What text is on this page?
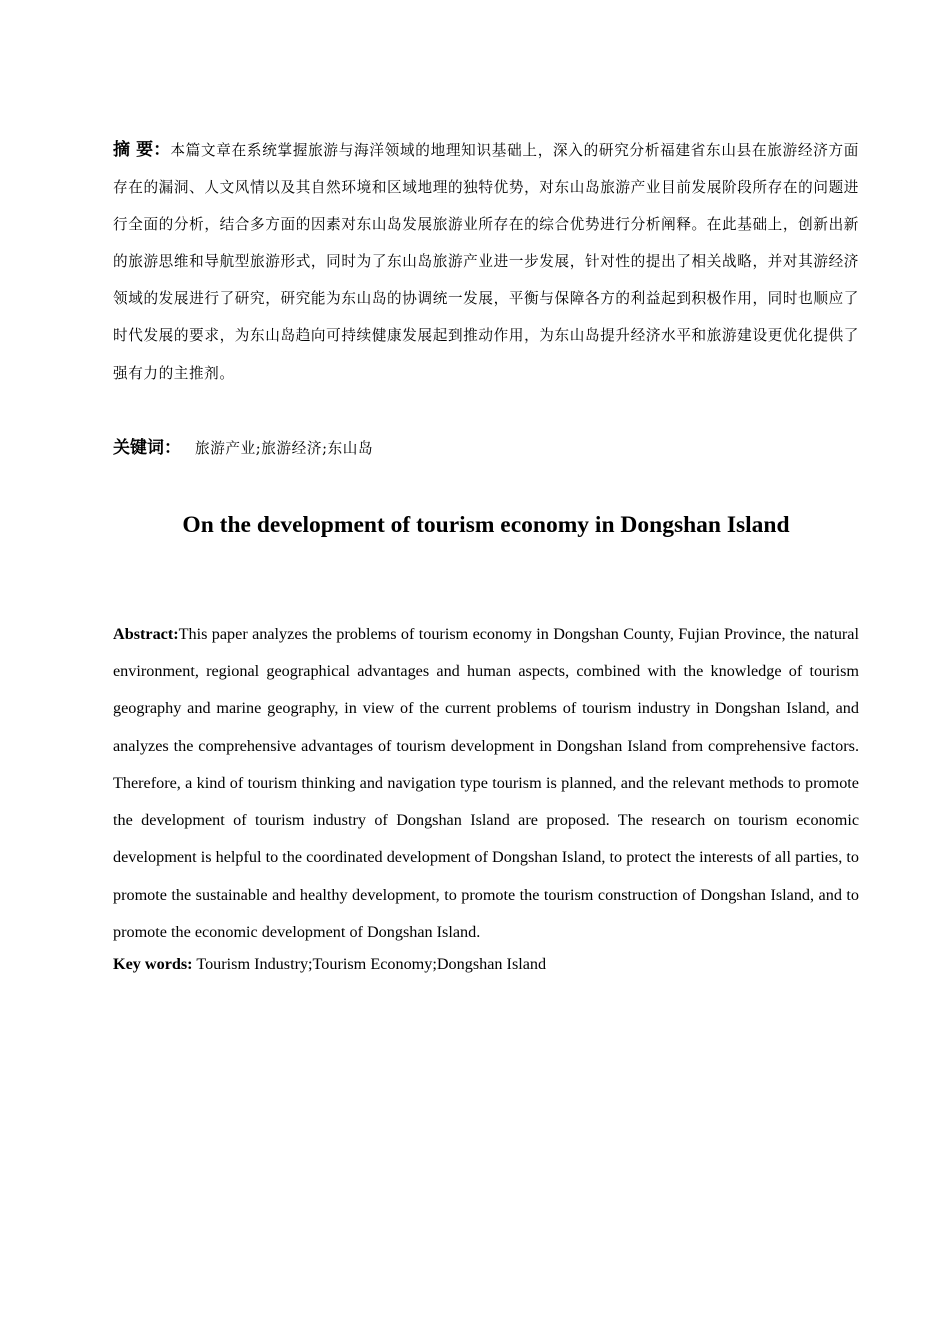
摘 要：本篇文章在系统掌握旅游与海洋领域的地理知识基础上，深入的研究分析福建省东山县在旅游经济方面存在的漏洞、人文风情以及其自然环境和区域地理的独特优势，对东山岛旅游产业目前发展阶段所存在的问题进行全面的分析，结合多方面的因素对东山岛发展旅游业所存在的综合优势进行分析阐释。在此基础上，创新出新的旅游思维和导航型旅游形式，同时为了东山岛旅游产业进一步发展，针对性的提出了相关战略，并对其游经济领域的发展进行了研究，研究能为东山岛的协调统一发展，平衡与保障各方的利益起到积极作用，同时也顺应了时代发展的要求，为东山岛趋向可持续健康发展起到推动作用，为东山岛提升经济水平和旅游建设更优化提供了强有力的主推剂。

关键词： 旅游产业;旅游经济;东山岛
On the development of tourism economy in Dongshan Island

Abstract:This paper analyzes the problems of tourism economy in Dongshan County, Fujian Province, the natural environment, regional geographical advantages and human aspects, combined with the knowledge of tourism geography and marine geography, in view of the current problems of tourism industry in Dongshan Island, and analyzes the comprehensive advantages of tourism development in Dongshan Island from comprehensive factors. Therefore, a kind of tourism thinking and navigation type tourism is planned, and the relevant methods to promote the development of tourism industry of Dongshan Island are proposed. The research on tourism economic development is helpful to the coordinated development of Dongshan Island, to protect the interests of all parties, to promote the sustainable and healthy development, to promote the tourism construction of Dongshan Island, and to promote the economic development of Dongshan Island.

Key words: Tourism Industry;Tourism Economy;Dongshan Island
